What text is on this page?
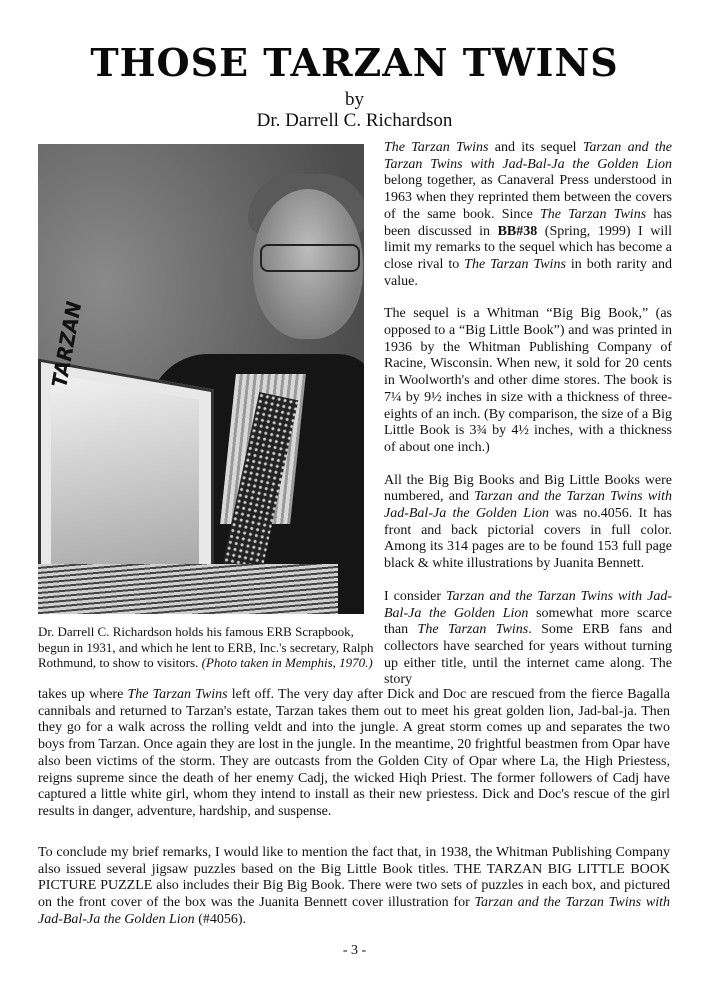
THOSE TARZAN TWINS
by
Dr. Darrell C. Richardson
TARZAN
Dr. Darrell C. Richardson holds his famous ERB Scrapbook, begun in 1931, and which he lent to ERB, Inc.'s secretary, Ralph Rothmund, to show to visitors. (Photo taken in Memphis, 1970.)

The Tarzan Twins and its sequel Tarzan and the Tarzan Twins with Jad-Bal-Ja the Golden Lion belong together, as Canaveral Press understood in 1963 when they reprinted them between the covers of the same book. Since The Tarzan Twins has been discussed in BB#38 (Spring, 1999) I will limit my remarks to the sequel which has become a close rival to The Tarzan Twins in both rarity and value.

The sequel is a Whitman “Big Big Book,” (as opposed to a “Big Little Book”) and was printed in 1936 by the Whitman Publishing Company of Racine, Wisconsin. When new, it sold for 20 cents in Woolworth's and other dime stores. The book is 7¼ by 9½ inches in size with a thickness of three-eights of an inch. (By comparison, the size of a Big Little Book is 3¾ by 4½ inches, with a thickness of about one inch.)

All the Big Big Books and Big Little Books were numbered, and Tarzan and the Tarzan Twins with Jad-Bal-Ja the Golden Lion was no.4056. It has front and back pictorial covers in full color. Among its 314 pages are to be found 153 full page black & white illustrations by Juanita Bennett.

I consider Tarzan and the Tarzan Twins with Jad-Bal-Ja the Golden Lion somewhat more scarce than The Tarzan Twins. Some ERB fans and collectors have searched for years without turning up either title, until the internet came along. The story

takes up where The Tarzan Twins left off. The very day after Dick and Doc are rescued from the fierce Bagalla cannibals and returned to Tarzan's estate, Tarzan takes them out to meet his great golden lion, Jad-bal-ja. Then they go for a walk across the rolling veldt and into the jungle. A great storm comes up and separates the two boys from Tarzan. Once again they are lost in the jungle. In the meantime, 20 frightful beastmen from Opar have also been victims of the storm. They are outcasts from the Golden City of Opar where La, the High Priestess, reigns supreme since the death of her enemy Cadj, the wicked Hiqh Priest. The former followers of Cadj have captured a little white girl, whom they intend to install as their new priestess. Dick and Doc's rescue of the girl results in danger, adventure, hardship, and suspense.

To conclude my brief remarks, I would like to mention the fact that, in 1938, the Whitman Publishing Company also issued several jigsaw puzzles based on the Big Little Book titles. THE TARZAN BIG LITTLE BOOK PICTURE PUZZLE also includes their Big Big Book. There were two sets of puzzles in each box, and pictured on the front cover of the box was the Juanita Bennett cover illustration for Tarzan and the Tarzan Twins with Jad-Bal-Ja the Golden Lion (#4056).

- 3 -
